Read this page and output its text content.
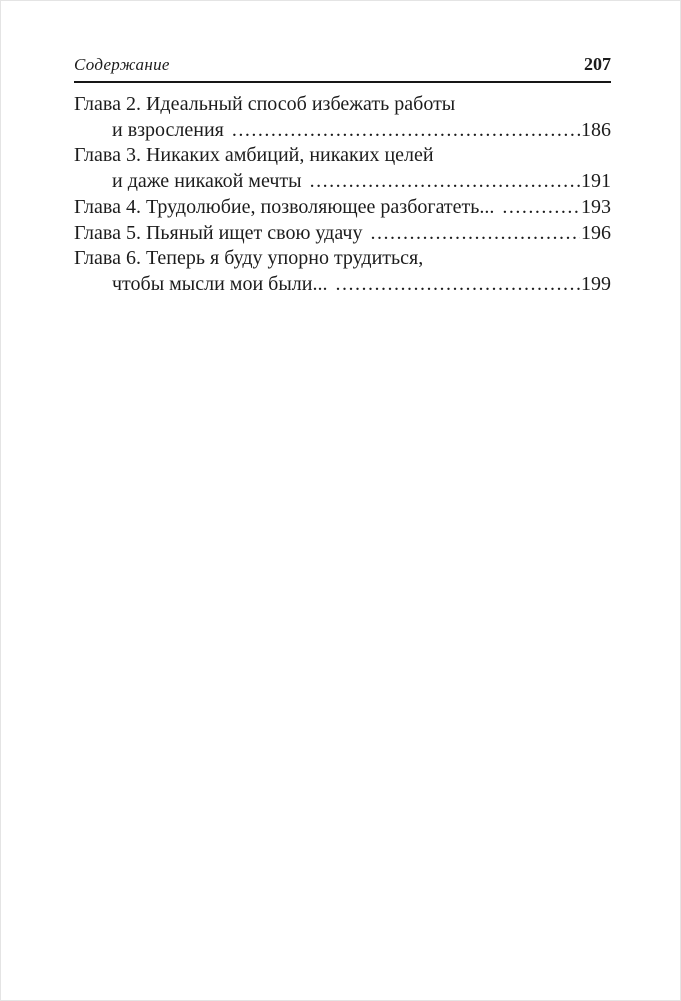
Содержание	207
Глава 2. Идеальный способ избежать работы
и взросления .....	186
Глава 3. Никаких амбиций, никаких целей
и даже никакой мечты .....	191
Глава 4. Трудолюбие, позволяющее разбогатеть... .....	193
Глава 5. Пьяный ищет свою удачу .....	196
Глава 6. Теперь я буду упорно трудиться,
чтобы мысли мои были... .....	199
